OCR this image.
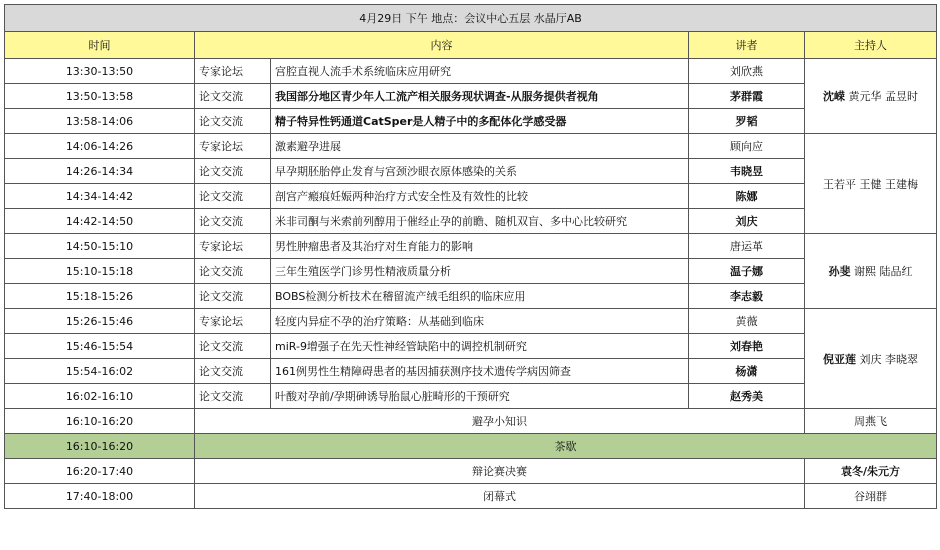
4月29日 下午 地点：会议中心五层 水晶厅AB				
时间	内容		讲者	主持人
13:30-13:50	专家论坛	宫腔直视人流手术系统临床应用研究	刘欣燕	沈嵘 黄元华 孟昱时
13:50-13:58	论文交流	我国部分地区青少年人工流产相关服务现状调查-从服务提供者视角	茅群霞	
13:58-14:06	论文交流	精子特异性钙通道CatSper是人精子中的多配体化学感受器	罗韬	
14:06-14:26	专家论坛	激素避孕进展	顾向应	王若平 王健 王建梅
14:26-14:34	论文交流	早孕期胚胎停止发育与宫颈沙眼衣原体感染的关系	韦晓昱	
14:34-14:42	论文交流	剖宫产瘢痕妊娠两种治疗方式安全性及有效性的比较	陈娜	
14:42-14:50	论文交流	米非司酮与米索前列醇用于催经止孕的前瞻、随机双盲、多中心比较研究	刘庆	
14:50-15:10	专家论坛	男性肿瘤患者及其治疗对生育能力的影响	唐运革	孙斐 谢熙 陆品红
15:10-15:18	论文交流	三年生殖医学门诊男性精液质量分析	温子娜	
15:18-15:26	论文交流	BOBS检测分析技术在稽留流产绒毛组织的临床应用	李志毅	
15:26-15:46	专家论坛	轻度内异症不孕的治疗策略：从基础到临床	黄薇	倪亚莲 刘庆 李晓翠
15:46-15:54	论文交流	miR-9增强子在先天性神经管缺陷中的调控机制研究	刘春艳	
15:54-16:02	论文交流	161例男性生精障碍患者的基因捕获测序技术遗传学病因筛查	杨潇	
16:02-16:10	论文交流	叶酸对孕前/孕期砷诱导胎鼠心脏畸形的干预研究	赵秀美	
16:10-16:20	避孕小知识			周燕飞
16:10-16:20	茶歇			
16:20-17:40	辩论赛决赛			袁冬/朱元方
17:40-18:00	闭幕式			谷翊群
